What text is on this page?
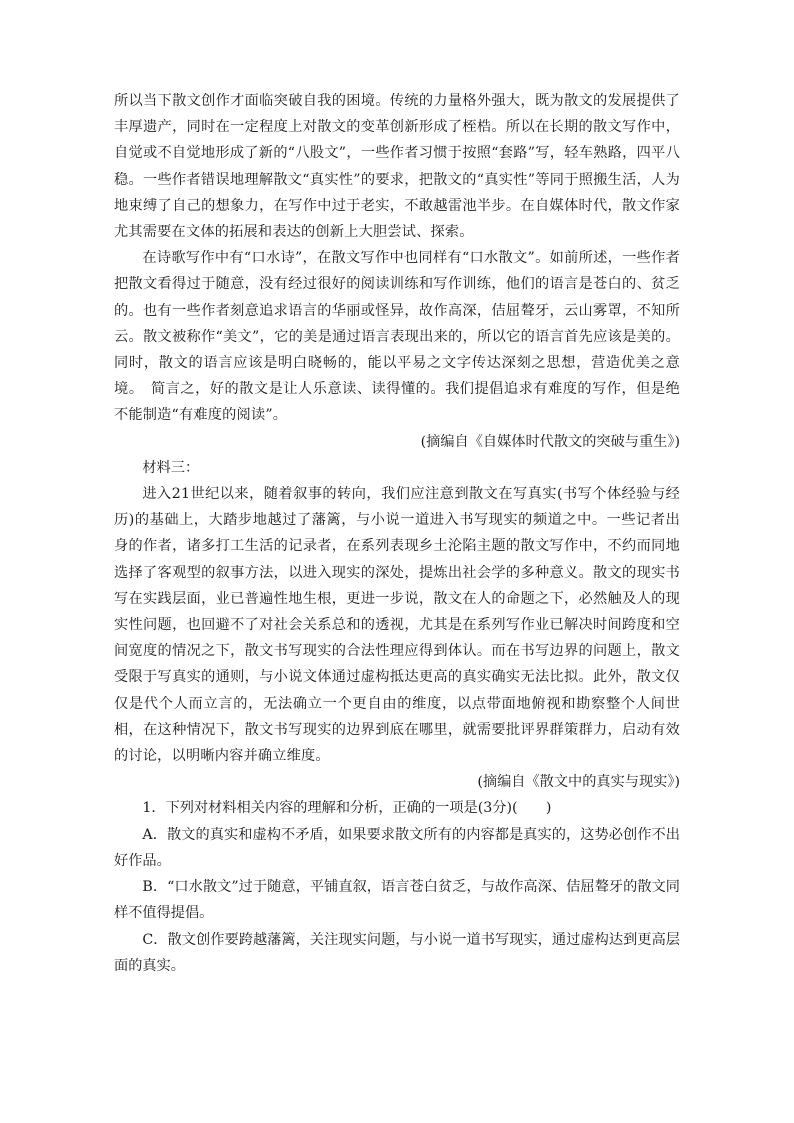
所以当下散文创作才面临突破自我的困境。传统的力量格外强大，既为散文的发展提供了丰厚遗产，同时在一定程度上对散文的变革创新形成了桎梏。所以在长期的散文写作中，自觉或不自觉地形成了新的“八股文”，一些作者习惯于按照“套路”写，轻车熟路，四平八稳。一些作者错误地理解散文“真实性”的要求，把散文的“真实性”等同于照搬生活，人为地束缚了自己的想象力，在写作中过于老实，不敢越雷池半步。在自媒体时代，散文作家尤其需要在文体的拓展和表达的创新上大胆尝试、探索。

在诗歌写作中有“口水诗”，在散文写作中也同样有“口水散文”。如前所述，一些作者把散文看得过于随意，没有经过很好的阅读训练和写作训练，他们的语言是苍白的、贫乏的。也有一些作者刻意追求语言的华丽或怪异，故作高深，佶屈聱牙，云山雾罩，不知所云。散文被称作“美文”，它的美是通过语言表现出来的，所以它的语言首先应该是美的。同时，散文的语言应该是明白晓畅的，能以平易之文字传达深刻之思想，营造优美之意境。　简言之，好的散文是让人乐意读、读得懂的。我们提倡追求有难度的写作，但是绝不能制造“有难度的阅读”。

(摘编自《自媒体时代散文的突破与重生》)

材料三：

进入21世纪以来，随着叙事的转向，我们应注意到散文在写真实(书写个体经验与经历)的基础上，大踏步地越过了藩篱，与小说一道进入书写现实的频道之中。一些记者出身的作者，诸多打工生活的记录者，在系列表现乡土沦陷主题的散文写作中，不约而同地选择了客观型的叙事方法，以进入现实的深处，提炼出社会学的多种意义。散文的现实书写在实践层面，业已普遍性地生根，更进一步说，散文在人的命题之下，必然触及人的现实性问题，也回避不了对社会关系总和的透视，尤其是在系列写作业已解决时间跨度和空间宽度的情况之下，散文书写现实的合法性理应得到体认。而在书写边界的问题上，散文受限于写真实的通则，与小说文体通过虚构抵达更高的真实确实无法比拟。此外，散文仅仅是代个人而立言的，无法确立一个更自由的维度，以点带面地俯视和勘察整个人间世相，在这种情况下，散文书写现实的边界到底在哪里，就需要批评界群策群力，启动有效的讨论，以明晰内容并确立维度。

(摘编自《散文中的真实与现实》)

1．下列对材料相关内容的理解和分析，正确的一项是(3分)(　　)

A．散文的真实和虚构不矛盾，如果要求散文所有的内容都是真实的，这势必创作不出好作品。

B．“口水散文”过于随意，平铺直叙，语言苍白贫乏，与故作高深、佶屈聱牙的散文同样不值得提倡。

C．散文创作要跨越藩篱，关注现实问题，与小说一道书写现实，通过虚构达到更高层面的真实。
